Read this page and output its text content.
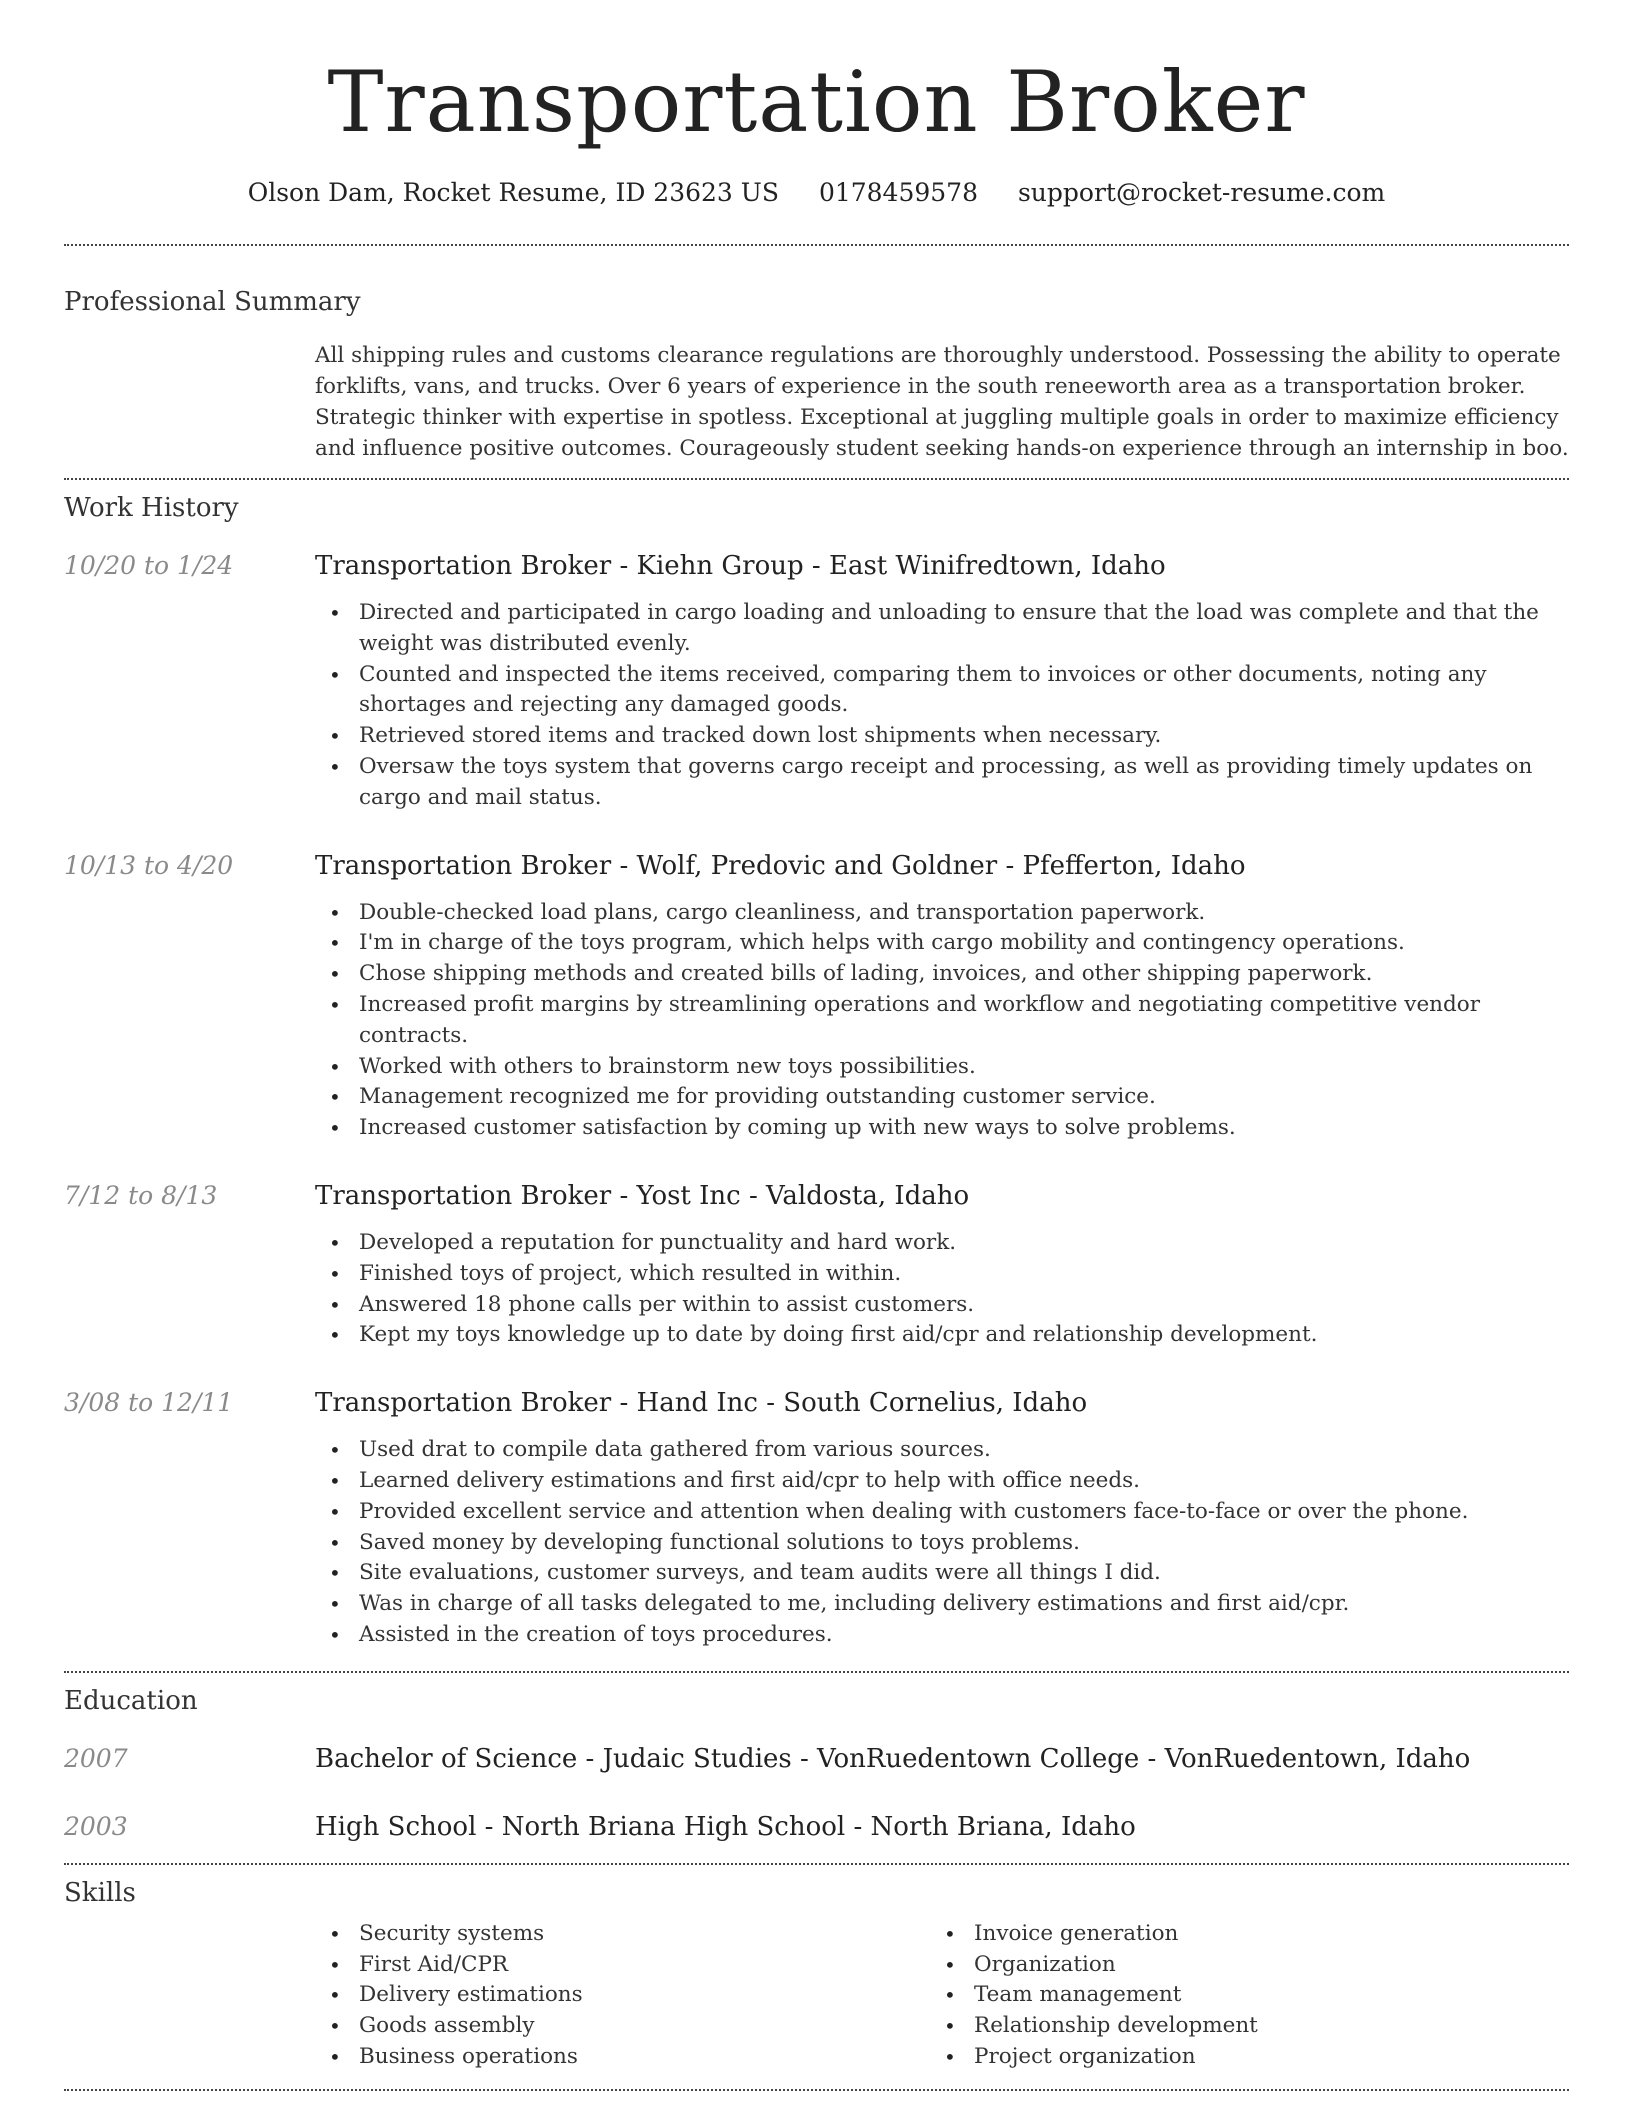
Transportation Broker
Olson Dam, Rocket Resume, ID 23623 US 0178459578 support@rocket-resume.com
Professional Summary
All shipping rules and customs clearance regulations are thoroughly understood. Possessing the ability to operate forklifts, vans, and trucks. Over 6 years of experience in the south reneeworth area as a transportation broker. Strategic thinker with expertise in spotless. Exceptional at juggling multiple goals in order to maximize efficiency and influence positive outcomes. Courageously student seeking hands-on experience through an internship in boo.
Work History
10/20 to 1/24	Transportation Broker - Kiehn Group - East Winifredtown, Idaho
• Directed and participated in cargo loading and unloading to ensure that the load was complete and that the weight was distributed evenly.
• Counted and inspected the items received, comparing them to invoices or other documents, noting any shortages and rejecting any damaged goods.
• Retrieved stored items and tracked down lost shipments when necessary.
• Oversaw the toys system that governs cargo receipt and processing, as well as providing timely updates on cargo and mail status.
10/13 to 4/20	Transportation Broker - Wolf, Predovic and Goldner - Pfefferton, Idaho
• Double-checked load plans, cargo cleanliness, and transportation paperwork.
• I'm in charge of the toys program, which helps with cargo mobility and contingency operations.
• Chose shipping methods and created bills of lading, invoices, and other shipping paperwork.
• Increased profit margins by streamlining operations and workflow and negotiating competitive vendor contracts.
• Worked with others to brainstorm new toys possibilities.
• Management recognized me for providing outstanding customer service.
• Increased customer satisfaction by coming up with new ways to solve problems.
7/12 to 8/13	Transportation Broker - Yost Inc - Valdosta, Idaho
• Developed a reputation for punctuality and hard work.
• Finished toys of project, which resulted in within.
• Answered 18 phone calls per within to assist customers.
• Kept my toys knowledge up to date by doing first aid/cpr and relationship development.
3/08 to 12/11	Transportation Broker - Hand Inc - South Cornelius, Idaho
• Used drat to compile data gathered from various sources.
• Learned delivery estimations and first aid/cpr to help with office needs.
• Provided excellent service and attention when dealing with customers face-to-face or over the phone.
• Saved money by developing functional solutions to toys problems.
• Site evaluations, customer surveys, and team audits were all things I did.
• Was in charge of all tasks delegated to me, including delivery estimations and first aid/cpr.
• Assisted in the creation of toys procedures.
Education
2007	Bachelor of Science - Judaic Studies - VonRuedentown College - VonRuedentown, Idaho
2003	High School - North Briana High School - North Briana, Idaho
Skills
• Security systems
• First Aid/CPR
• Delivery estimations
• Goods assembly
• Business operations
• Invoice generation
• Organization
• Team management
• Relationship development
• Project organization
